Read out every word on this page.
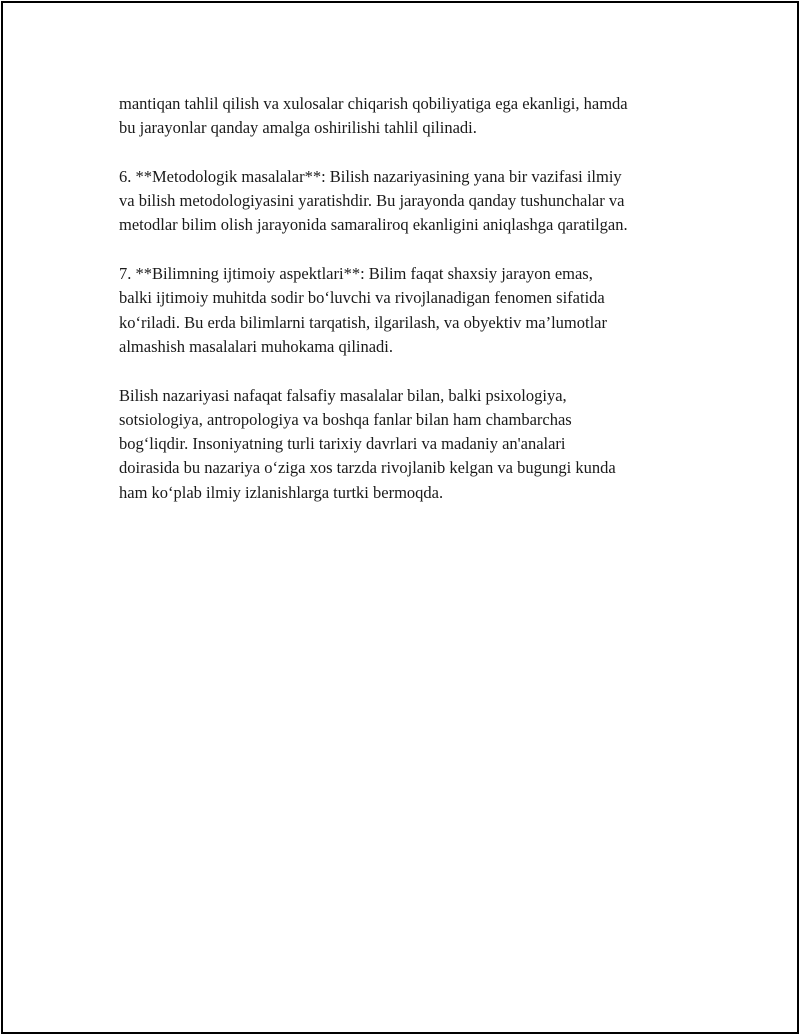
mantiqan tahlil qilish va xulosalar chiqarish qobiliyatiga ega ekanligi, hamda
bu jarayonlar qanday amalga oshirilishi tahlil qilinadi.

6. **Metodologik masalalar**: Bilish nazariyasining yana bir vazifasi ilmiy
va bilish metodologiyasini yaratishdir. Bu jarayonda qanday tushunchalar va
metodlar bilim olish jarayonida samaraliroq ekanligini aniqlashga qaratilgan.

7. **Bilimning ijtimoiy aspektlari**: Bilim faqat shaxsiy jarayon emas,
balki ijtimoiy muhitda sodir bo‘luvchi va rivojlanadigan fenomen sifatida
ko‘riladi. Bu erda bilimlarni tarqatish, ilgarilash, va obyektiv ma’lumotlar
almashish masalalari muhokama qilinadi.

Bilish nazariyasi nafaqat falsafiy masalalar bilan, balki psixologiya,
sotsiologiya, antropologiya va boshqa fanlar bilan ham chambarchas
bog‘liqdir. Insoniyatning turli tarixiy davrlari va madaniy an'analari
doirasida bu nazariya o‘ziga xos tarzda rivojlanib kelgan va bugungi kunda
ham ko‘plab ilmiy izlanishlarga turtki bermoqda.
